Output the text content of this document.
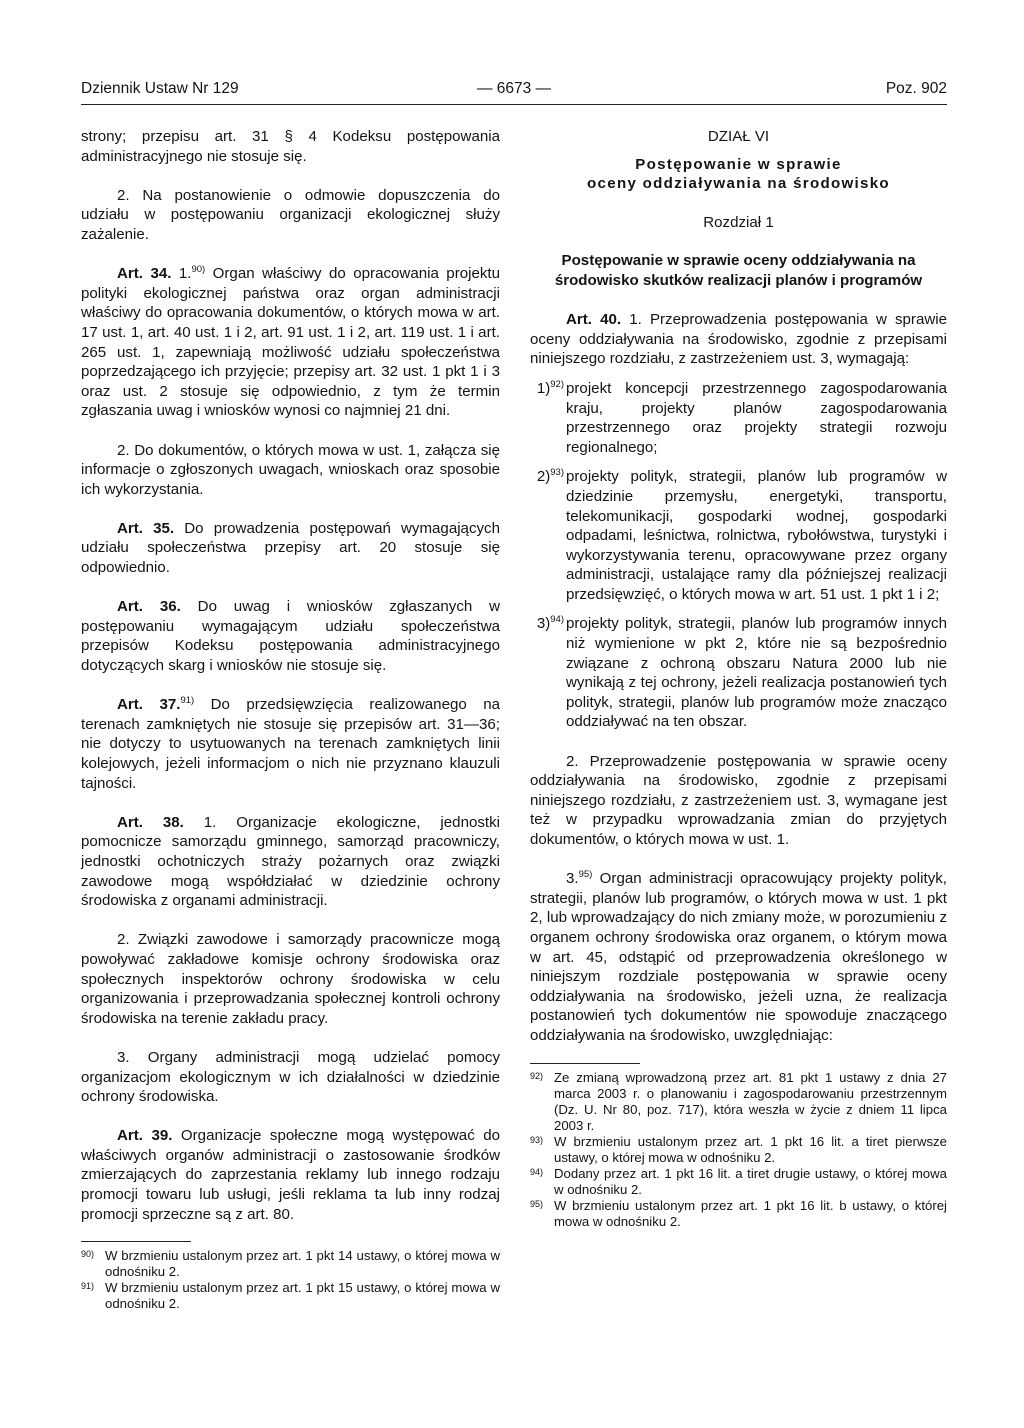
Dziennik Ustaw Nr 129	— 6673 —	Poz. 902

strony; przepisu art. 31 § 4 Kodeksu postępowania administracyjnego nie stosuje się.

2. Na postanowienie o odmowie dopuszczenia do udziału w postępowaniu organizacji ekologicznej służy zażalenie.

Art. 34. 1.$^{90)}$ Organ właściwy do opracowania projektu polityki ekologicznej państwa oraz organ administracji właściwy do opracowania dokumentów, o których mowa w art. 17 ust. 1, art. 40 ust. 1 i 2, art. 91 ust. 1 i 2, art. 119 ust. 1 i art. 265 ust. 1, zapewniają możliwość udziału społeczeństwa poprzedzającego ich przyjęcie; przepisy art. 32 ust. 1 pkt 1 i 3 oraz ust. 2 stosuje się odpowiednio, z tym że termin zgłaszania uwag i wniosków wynosi co najmniej 21 dni.

2. Do dokumentów, o których mowa w ust. 1, załącza się informacje o zgłoszonych uwagach, wnioskach oraz sposobie ich wykorzystania.

Art. 35. Do prowadzenia postępowań wymagających udziału społeczeństwa przepisy art. 20 stosuje się odpowiednio.

Art. 36. Do uwag i wniosków zgłaszanych w postępowaniu wymagającym udziału społeczeństwa przepisów Kodeksu postępowania administracyjnego dotyczących skarg i wniosków nie stosuje się.

Art. 37.$^{91)}$ Do przedsięwzięcia realizowanego na terenach zamkniętych nie stosuje się przepisów art. 31—36; nie dotyczy to usytuowanych na terenach zamkniętych linii kolejowych, jeżeli informacjom o nich nie przyznano klauzuli tajności.

Art. 38. 1. Organizacje ekologiczne, jednostki pomocnicze samorządu gminnego, samorząd pracowniczy, jednostki ochotniczych straży pożarnych oraz związki zawodowe mogą współdziałać w dziedzinie ochrony środowiska z organami administracji.

2. Związki zawodowe i samorządy pracownicze mogą powoływać zakładowe komisje ochrony środowiska oraz społecznych inspektorów ochrony środowiska w celu organizowania i przeprowadzania społecznej kontroli ochrony środowiska na terenie zakładu pracy.

3. Organy administracji mogą udzielać pomocy organizacjom ekologicznym w ich działalności w dziedzinie ochrony środowiska.

Art. 39. Organizacje społeczne mogą występować do właściwych organów administracji o zastosowanie środków zmierzających do zaprzestania reklamy lub innego rodzaju promocji towaru lub usługi, jeśli reklama ta lub inny rodzaj promocji sprzeczne są z art. 80.

90) W brzmieniu ustalonym przez art. 1 pkt 14 ustawy, o której mowa w odnośniku 2.
91) W brzmieniu ustalonym przez art. 1 pkt 15 ustawy, o której mowa w odnośniku 2.

DZIAŁ VI

Postępowanie w sprawie

oceny oddziaływania na środowisko

Rozdział 1

Postępowanie w sprawie oceny oddziaływania na środowisko skutków realizacji planów i programów

Art. 40. 1. Przeprowadzenia postępowania w sprawie oceny oddziaływania na środowisko, zgodnie z przepisami niniejszego rozdziału, z zastrzeżeniem ust. 3, wymagają:

1)$^{92)}$ projekt koncepcji przestrzennego zagospodarowania kraju, projekty planów zagospodarowania przestrzennego oraz projekty strategii rozwoju regionalnego;
2)$^{93)}$ projekty polityk, strategii, planów lub programów w dziedzinie przemysłu, energetyki, transportu, telekomunikacji, gospodarki wodnej, gospodarki odpadami, leśnictwa, rolnictwa, rybołówstwa, turystyki i wykorzystywania terenu, opracowywane przez organy administracji, ustalające ramy dla późniejszej realizacji przedsięwzięć, o których mowa w art. 51 ust. 1 pkt 1 i 2;
3)$^{94)}$ projekty polityk, strategii, planów lub programów innych niż wymienione w pkt 2, które nie są bezpośrednio związane z ochroną obszaru Natura 2000 lub nie wynikają z tej ochrony, jeżeli realizacja postanowień tych polityk, strategii, planów lub programów może znacząco oddziaływać na ten obszar.

2. Przeprowadzenie postępowania w sprawie oceny oddziaływania na środowisko, zgodnie z przepisami niniejszego rozdziału, z zastrzeżeniem ust. 3, wymagane jest też w przypadku wprowadzania zmian do przyjętych dokumentów, o których mowa w ust. 1.

3.$^{95)}$ Organ administracji opracowujący projekty polityk, strategii, planów lub programów, o których mowa w ust. 1 pkt 2, lub wprowadzający do nich zmiany może, w porozumieniu z organem ochrony środowiska oraz organem, o którym mowa w art. 45, odstąpić od przeprowadzenia określonego w niniejszym rozdziale postępowania w sprawie oceny oddziaływania na środowisko, jeżeli uzna, że realizacja postanowień tych dokumentów nie spowoduje znaczącego oddziaływania na środowisko, uwzględniając:

92) Ze zmianą wprowadzoną przez art. 81 pkt 1 ustawy z dnia 27 marca 2003 r. o planowaniu i zagospodarowaniu przestrzennym (Dz. U. Nr 80, poz. 717), która weszła w życie z dniem 11 lipca 2003 r.
93) W brzmieniu ustalonym przez art. 1 pkt 16 lit. a tiret pierwsze ustawy, o której mowa w odnośniku 2.
94) Dodany przez art. 1 pkt 16 lit. a tiret drugie ustawy, o której mowa w odnośniku 2.
95) W brzmieniu ustalonym przez art. 1 pkt 16 lit. b ustawy, o której mowa w odnośniku 2.
